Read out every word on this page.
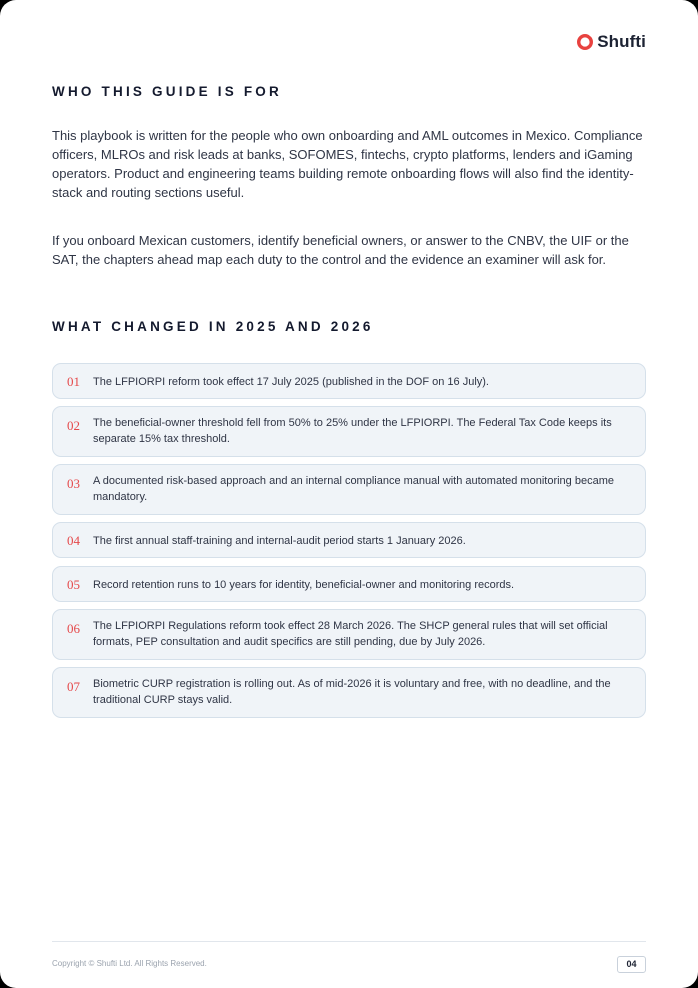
Shufti
WHO THIS GUIDE IS FOR

This playbook is written for the people who own onboarding and AML outcomes in Mexico. Compliance officers, MLROs and risk leads at banks, SOFOMES, fintechs, crypto platforms, lenders and iGaming operators. Product and engineering teams building remote onboarding flows will also find the identity-stack and routing sections useful.

If you onboard Mexican customers, identify beneficial owners, or answer to the CNBV, the UIF or the SAT, the chapters ahead map each duty to the control and the evidence an examiner will ask for.

WHAT CHANGED IN 2025 AND 2026
01	The LFPIORPI reform took effect 17 July 2025 (published in the DOF on 16 July).
02	The beneficial-owner threshold fell from 50% to 25% under the LFPIORPI. The Federal Tax Code keeps its separate 15% tax threshold.
03	A documented risk-based approach and an internal compliance manual with automated monitoring became mandatory.
04	The first annual staff-training and internal-audit period starts 1 January 2026.
05	Record retention runs to 10 years for identity, beneficial-owner and monitoring records.
06	The LFPIORPI Regulations reform took effect 28 March 2026. The SHCP general rules that will set official formats, PEP consultation and audit specifics are still pending, due by July 2026.
07	Biometric CURP registration is rolling out. As of mid-2026 it is voluntary and free, with no deadline, and the traditional CURP stays valid.
Copyright © Shufti Ltd. All Rights Reserved.	04
